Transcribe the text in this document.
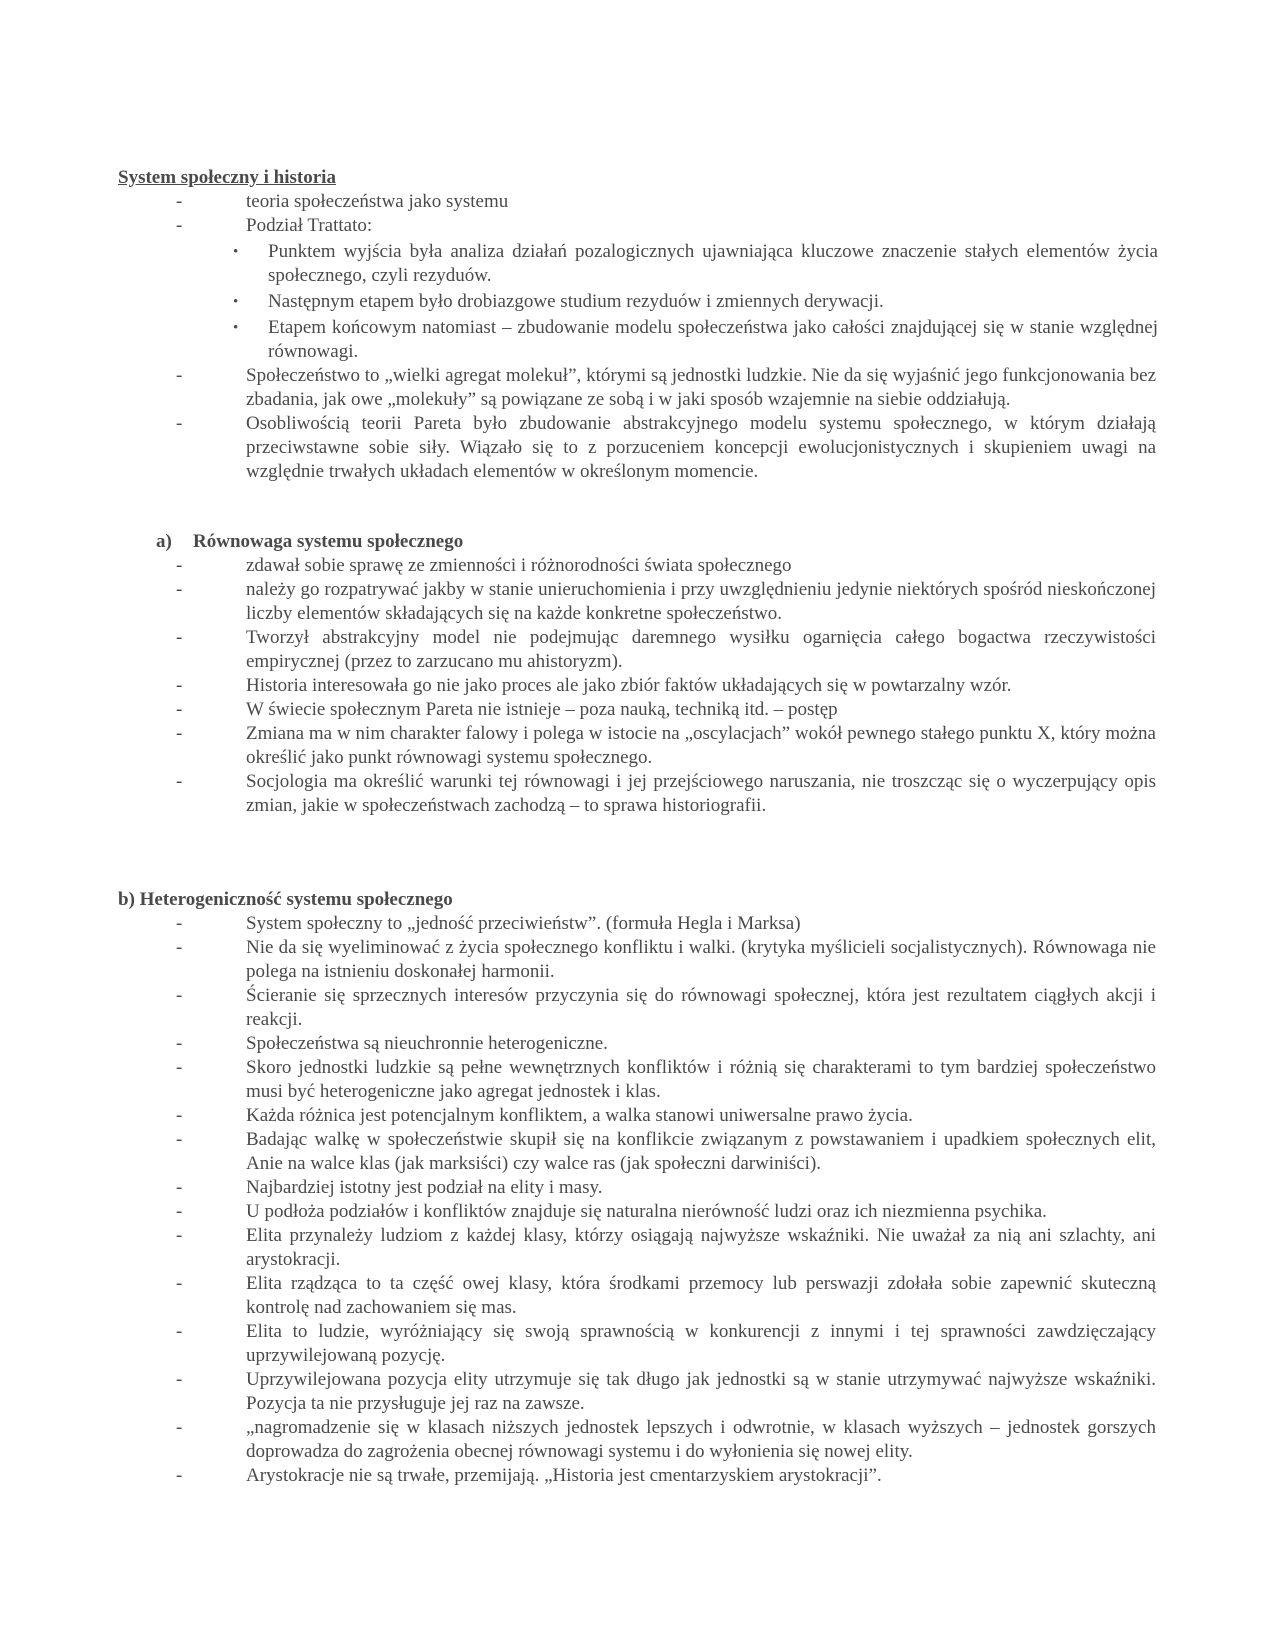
System społeczny i historia
-	teoria społeczeństwa jako systemu
-	Podział Trattato:
•	Punktem wyjścia była analiza działań pozalogicznych ujawniająca kluczowe znaczenie stałych elementów życia społecznego, czyli rezyduów.
•	Następnym etapem było drobiazgowe studium rezyduów i zmiennych derywacji.
•	Etapem końcowym natomiast – zbudowanie modelu społeczeństwa jako całości znajdującej się w stanie względnej równowagi.
-	Społeczeństwo to „wielki agregat molekuł”, którymi są jednostki ludzkie. Nie da się wyjaśnić jego funkcjonowania bez zbadania, jak owe „molekuły” są powiązane ze sobą i w jaki sposób wzajemnie na siebie oddziałują.
-	Osobliwością teorii Pareta było zbudowanie abstrakcyjnego modelu systemu społecznego, w którym działają przeciwstawne sobie siły. Wiązało się to z porzuceniem koncepcji ewolucjonistycznych i skupieniem uwagi na względnie trwałych układach elementów w określonym momencie.
a) Równowaga systemu społecznego
-	zdawał sobie sprawę ze zmienności i różnorodności świata społecznego
-	należy go rozpatrywać jakby w stanie unieruchomienia i przy uwzględnieniu jedynie niektórych spośród nieskończonej liczby elementów składających się na każde konkretne społeczeństwo.
-	Tworzył abstrakcyjny model nie podejmując daremnego wysiłku ogarnięcia całego bogactwa rzeczywistości empirycznej (przez to zarzucano mu ahistoryzm).
-	Historia interesowała go nie jako proces ale jako zbiór faktów układających się w powtarzalny wzór.
-	W świecie społecznym Pareta nie istnieje – poza nauką, techniką itd. – postęp
-	Zmiana ma w nim charakter falowy i polega w istocie na „oscylacjach” wokół pewnego stałego punktu X, który można określić jako punkt równowagi systemu społecznego.
-	Socjologia ma określić warunki tej równowagi i jej przejściowego naruszania, nie troszcząc się o wyczerpujący opis zmian, jakie w społeczeństwach zachodzą – to sprawa historiografii.
b) Heterogeniczność systemu społecznego
-	System społeczny to „jedność przeciwieństw”. (formuła Hegla i Marksa)
-	Nie da się wyeliminować z życia społecznego konfliktu i walki. (krytyka myślicieli socjalistycznych). Równowaga nie polega na istnieniu doskonałej harmonii.
-	Ścieranie się sprzecznych interesów przyczynia się do równowagi społecznej, która jest rezultatem ciągłych akcji i reakcji.
-	Społeczeństwa są nieuchronnie heterogeniczne.
-	Skoro jednostki ludzkie są pełne wewnętrznych konfliktów i różnią się charakterami to tym bardziej społeczeństwo musi być heterogeniczne jako agregat jednostek i klas.
-	Każda różnica jest potencjalnym konfliktem, a walka stanowi uniwersalne prawo życia.
-	Badając walkę w społeczeństwie skupił się na konflikcie związanym z powstawaniem i upadkiem społecznych elit, Anie na walce klas (jak marksiści) czy walce ras (jak społeczni darwiniści).
-	Najbardziej istotny jest podział na elity i masy.
-	U podłoża podziałów i konfliktów znajduje się naturalna nierówność ludzi oraz ich niezmienna psychika.
-	Elita przynależy ludziom z każdej klasy, którzy osiągają najwyższe wskaźniki. Nie uważał za nią ani szlachty, ani arystokracji.
-	Elita rządząca to ta część owej klasy, która środkami przemocy lub perswazji zdołała sobie zapewnić skuteczną kontrolę nad zachowaniem się mas.
-	Elita to ludzie, wyróżniający się swoją sprawnością w konkurencji z innymi i tej sprawności zawdzięczający uprzywilejowaną pozycję.
-	Uprzywilejowana pozycja elity utrzymuje się tak długo jak jednostki są w stanie utrzymywać najwyższe wskaźniki. Pozycja ta nie przysługuje jej raz na zawsze.
-	„nagromadzenie się w klasach niższych jednostek lepszych i odwrotnie, w klasach wyższych – jednostek gorszych doprowadza do zagrożenia obecnej równowagi systemu i do wyłonienia się nowej elity.
-	Arystokracje nie są trwałe, przemijają. „Historia jest cmentarzyskiem arystokracji”.
